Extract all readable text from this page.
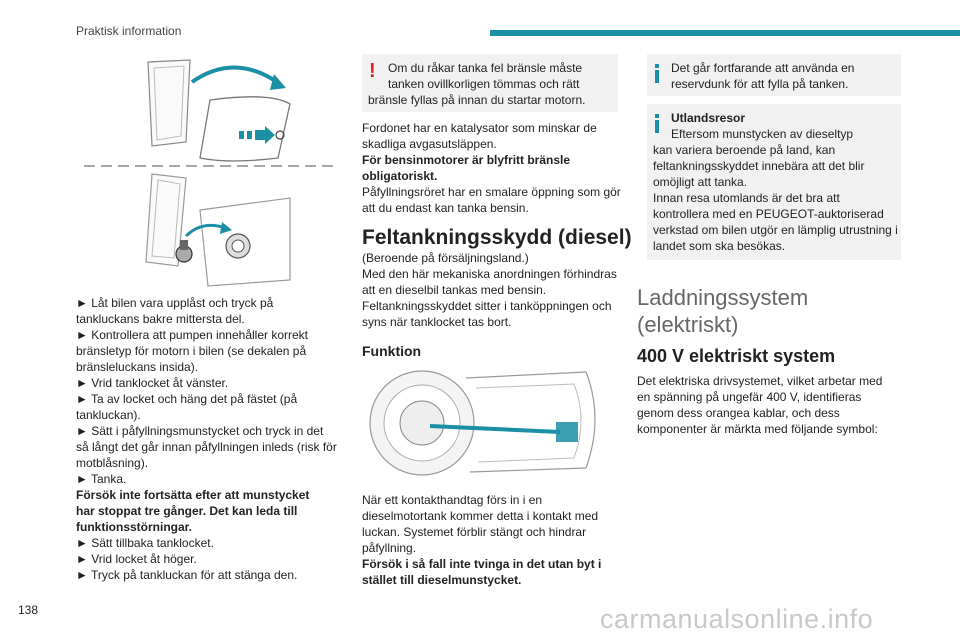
Praktisk information

► Låt bilen vara upplåst och tryck på

tankluckans bakre mittersta del.

► Kontrollera att pumpen innehåller korrekt

bränsletyp för motorn i bilen (se dekalen på

bränsleluckans insida).

► Vrid tanklocket åt vänster.

► Ta av locket och häng det på fästet (på

tankluckan).

► Sätt i påfyllningsmunstycket och tryck in det

så långt det går innan påfyllningen inleds (risk för

motblåsning).

► Tanka.

Försök inte fortsätta efter att munstycket

har stoppat tre gånger. Det kan leda till

funktionsstörningar.

► Sätt tillbaka tanklocket.

► Vrid locket åt höger.

► Tryck på tankluckan för att stänga den.

! Om du råkar tanka fel bränsle måste
tanken ovillkorligen tömmas och rätt
bränsle fyllas på innan du startar motorn.

Fordonet har en katalysator som minskar de

skadliga avgasutsläppen.

För bensinmotorer är blyfritt bränsle

obligatoriskt.

Påfyllningsröret har en smalare öppning som gör

att du endast kan tanka bensin.

Feltankningsskydd (diesel)

(Beroende på försäljningsland.)

Med den här mekaniska anordningen förhindras

att en dieselbil tankas med bensin.

Feltankningsskyddet sitter i tanköppningen och

syns när tanklocket tas bort.

Funktion

När ett kontakthandtag förs in i en

dieselmotortank kommer detta i kontakt med

luckan. Systemet förblir stängt och hindrar

påfyllning.

Försök i så fall inte tvinga in det utan byt i

stället till dieselmunstycket.

Det går fortfarande att använda en
reservdunk för att fylla på tanken.
Utlandsresor
Eftersom munstycken av dieseltyp
kan variera beroende på land, kan
feltankningsskyddet innebära att det blir
omöjligt att tanka.
Innan resa utomlands är det bra att
kontrollera med en PEUGEOT-auktoriserad
verkstad om bilen utgör en lämplig utrustning i
landet som ska besökas.
Laddningssystem
(elektriskt)
400 V elektriskt system

Det elektriska drivsystemet, vilket arbetar med

en spänning på ungefär 400 V, identifieras

genom dess orangea kablar, och dess

komponenter är märkta med följande symbol:

138	carmanualsonline.info
